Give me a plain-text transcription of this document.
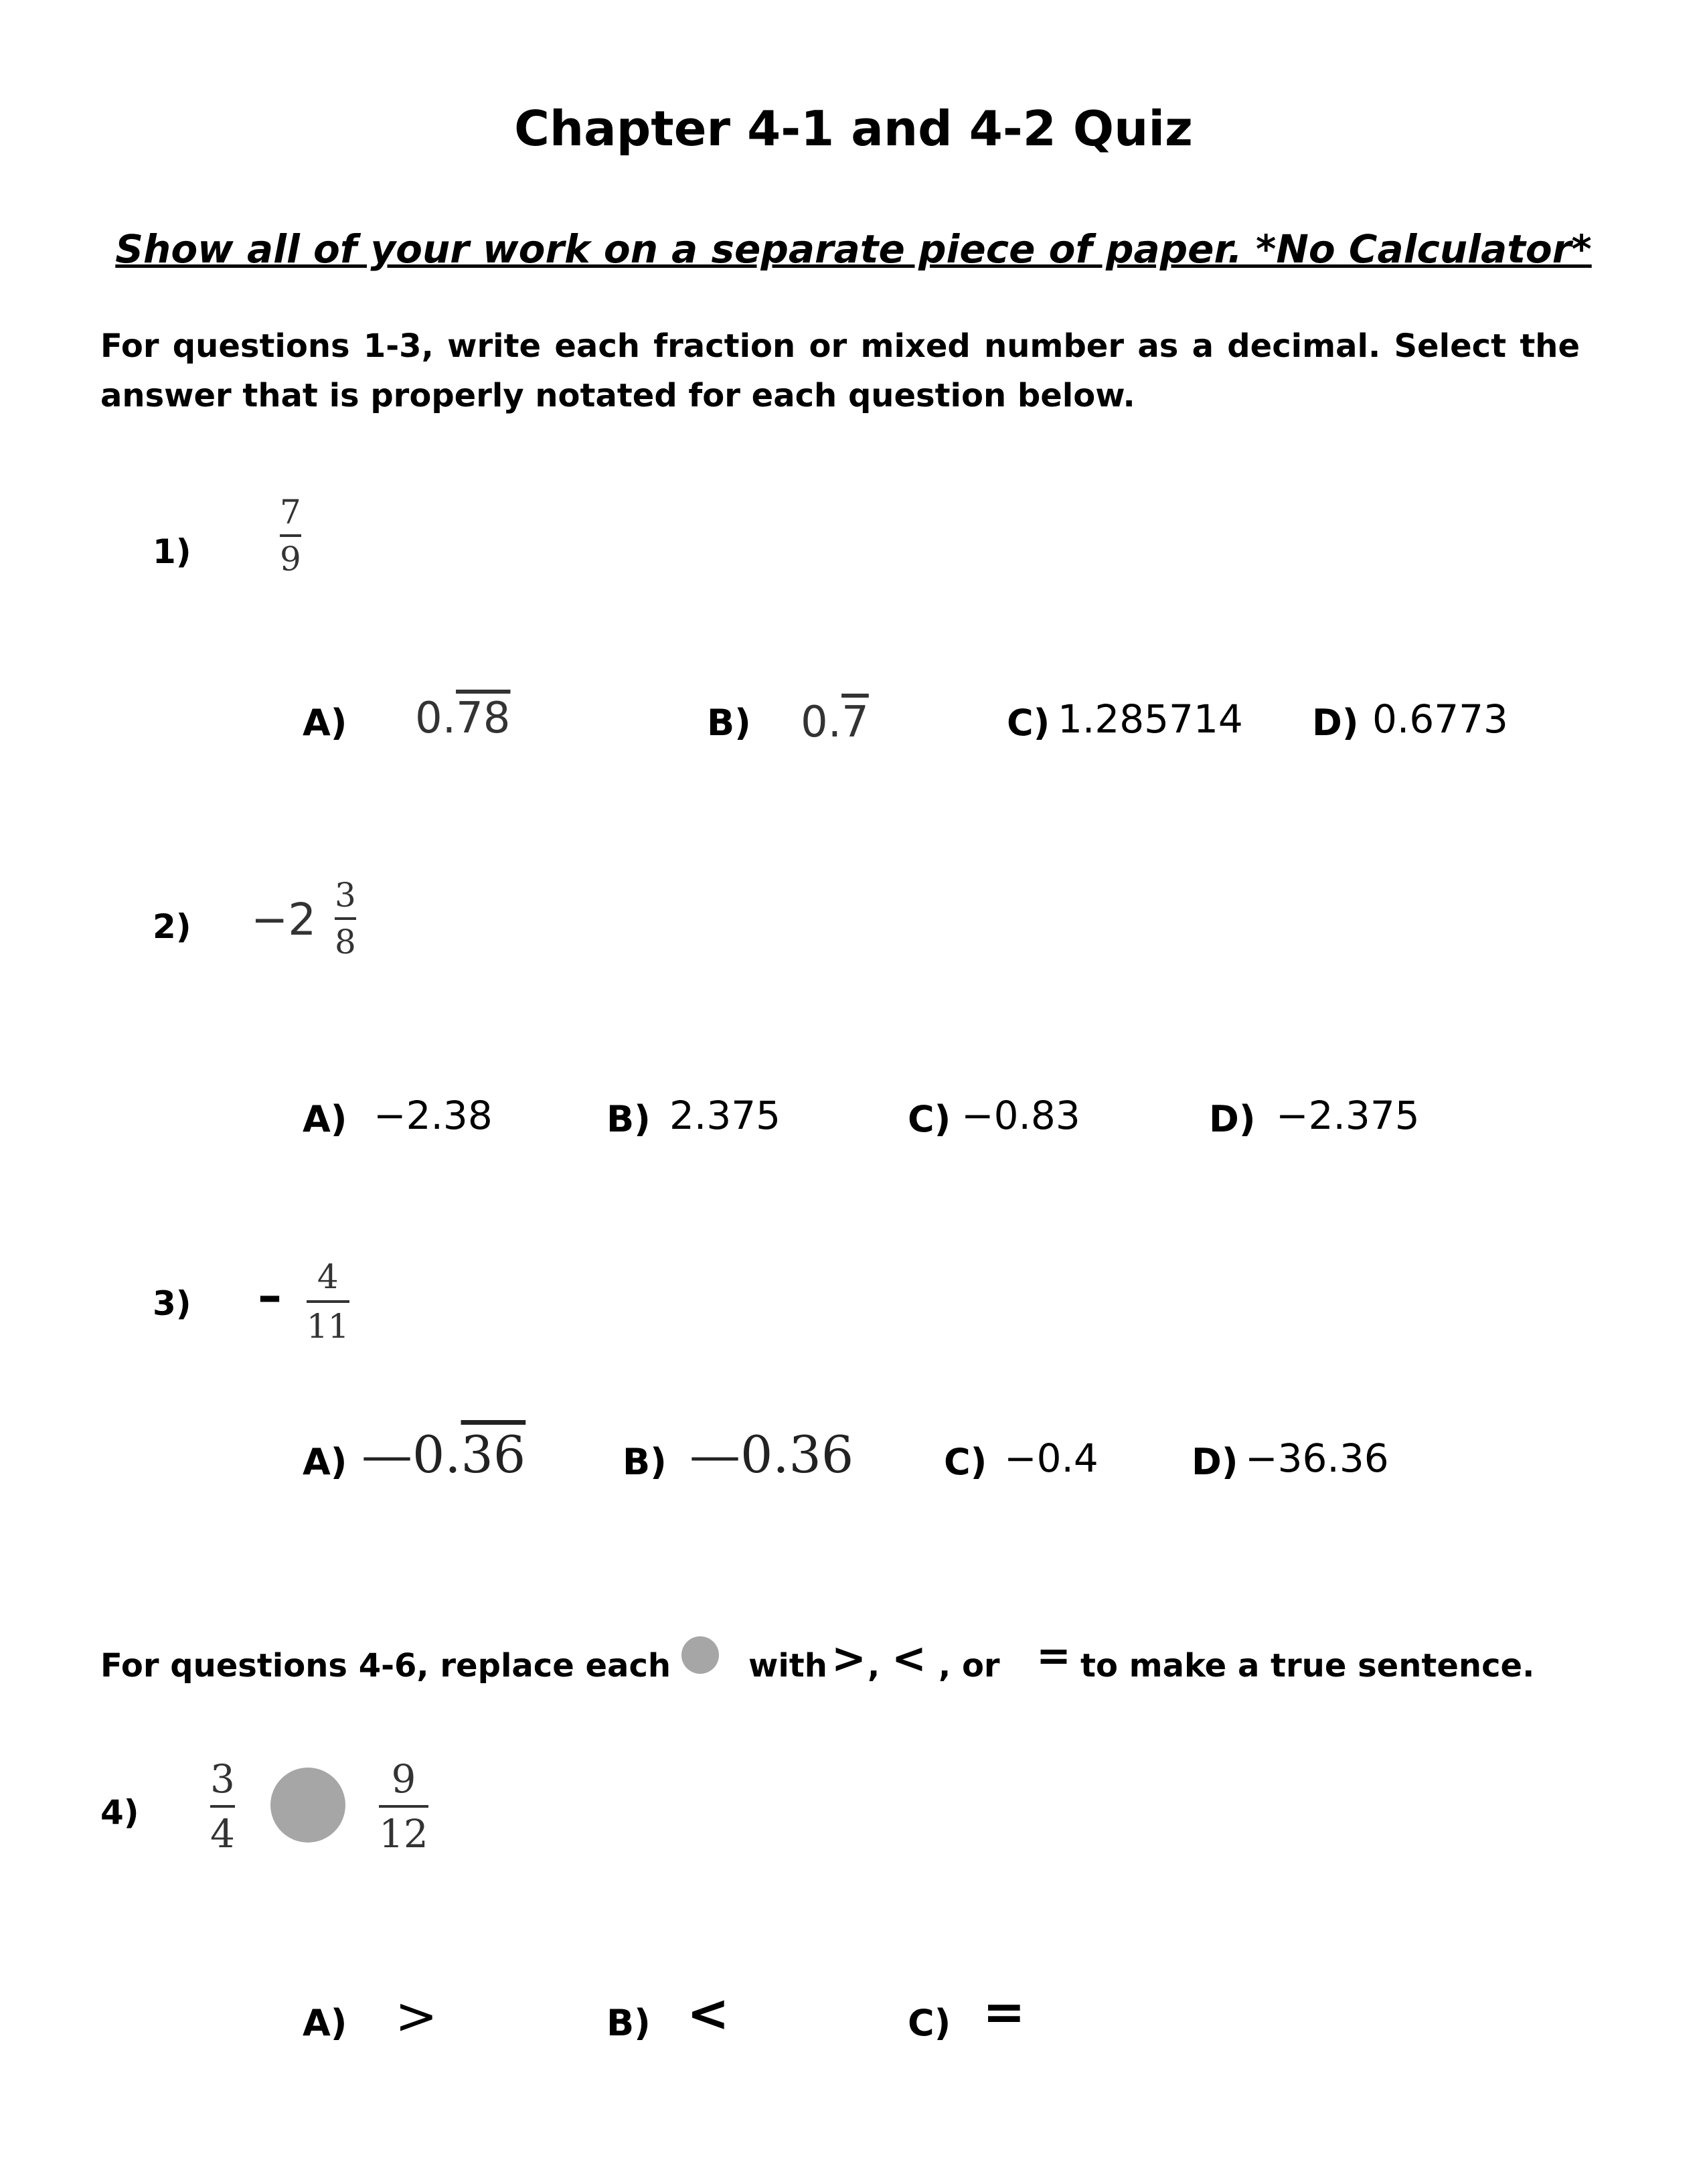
Chapter 4-1 and 4-2 Quiz
Show all of your work on a separate piece of paper. *No Calculator*
For questions 1-3, write each fraction or mixed number as a decimal. Select the answer that is properly notated for each question below.
1)
7
9
A) 0.78	B) 0.7	C) 1.285714 D) 0.6773
2) −2 3
8
A) −2.38	B) 2.375	C) −0.83	D) −2.375
3) – 4
11
A) —0.36	B) —0.36 C) −0.4	D) −36.36
For questions 4-6, replace each with > , < , or = to make a true sentence.
4)
3
4
9
12
A) >	B) <	C) =
